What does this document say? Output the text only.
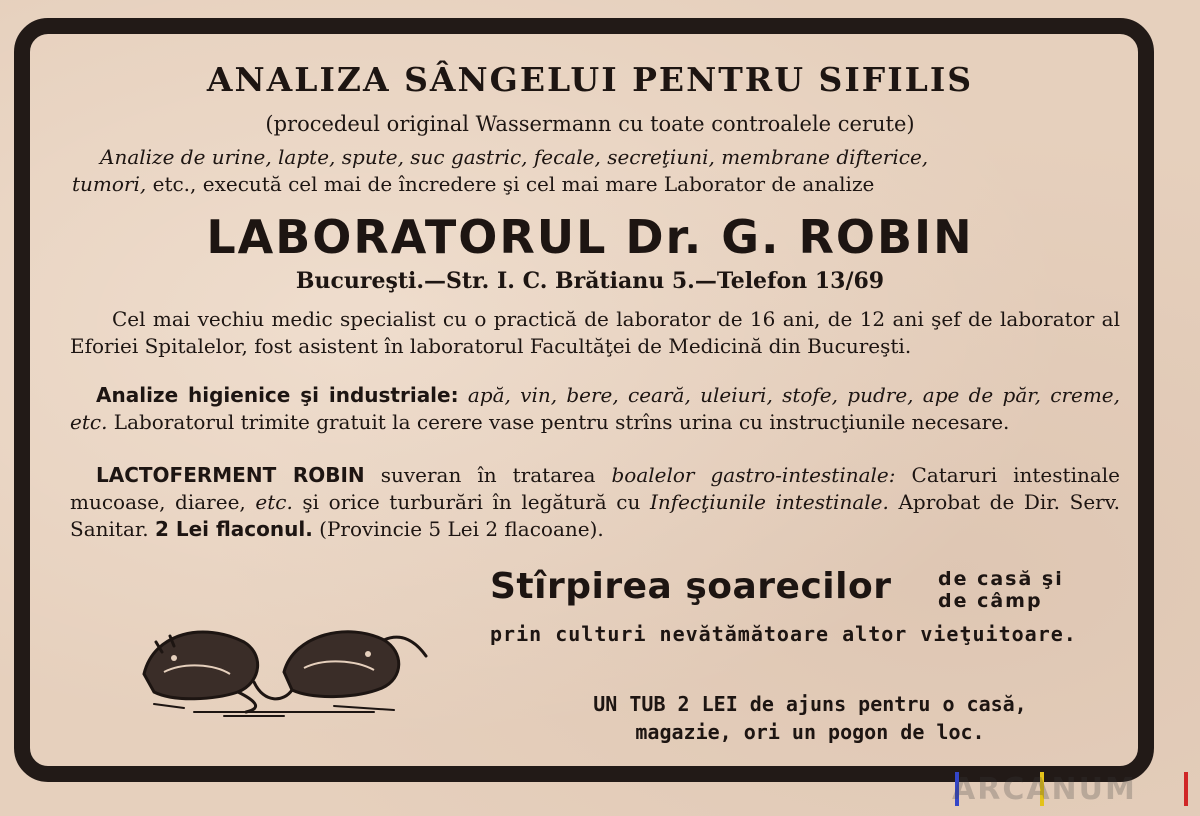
ANALIZA SÂNGELUI PENTRU SIFILIS
(procedeul original Wassermann cu toate controalele cerute)
Analize de urine, lapte, spute, suc gastric, fecale, secreţiuni, membrane difterice,
tumori, etc., execută cel mai de încredere şi cel mai mare Laborator de analize
LABORATORUL Dr. G. ROBIN
Bucureşti.—Str. I. C. Brătianu 5.—Telefon 13/69
Cel mai vechiu medic specialist cu o practică de laborator de 16 ani, de 12 ani şef de laborator al Eforiei Spitalelor, fost asistent în laboratorul Facultăţei de Medicină din Bucureşti.
Analize higienice şi industriale: apă, vin, bere, ceară, uleiuri, stofe, pudre, ape de păr, creme, etc. Laboratorul trimite gratuit la cerere vase pentru strîns urina cu instrucţiunile necesare.
LACTOFERMENT ROBIN suveran în tratarea boalelor gastro-intestinale: Cataruri intestinale mucoase, diaree, etc. şi orice turburări în legătură cu Infecţiunile intestinale. Aprobat de Dir. Serv. Sanitar. 2 Lei flaconul. (Provincie 5 Lei 2 flacoane).
Stîrpirea şoarecilor de casă şi
de câmp
prin culturi nevătămătoare altor vieţuitoare.
UN TUB 2 LEI de ajuns pentru o casă,
magazie, ori un pogon de loc.
ARCANUM
